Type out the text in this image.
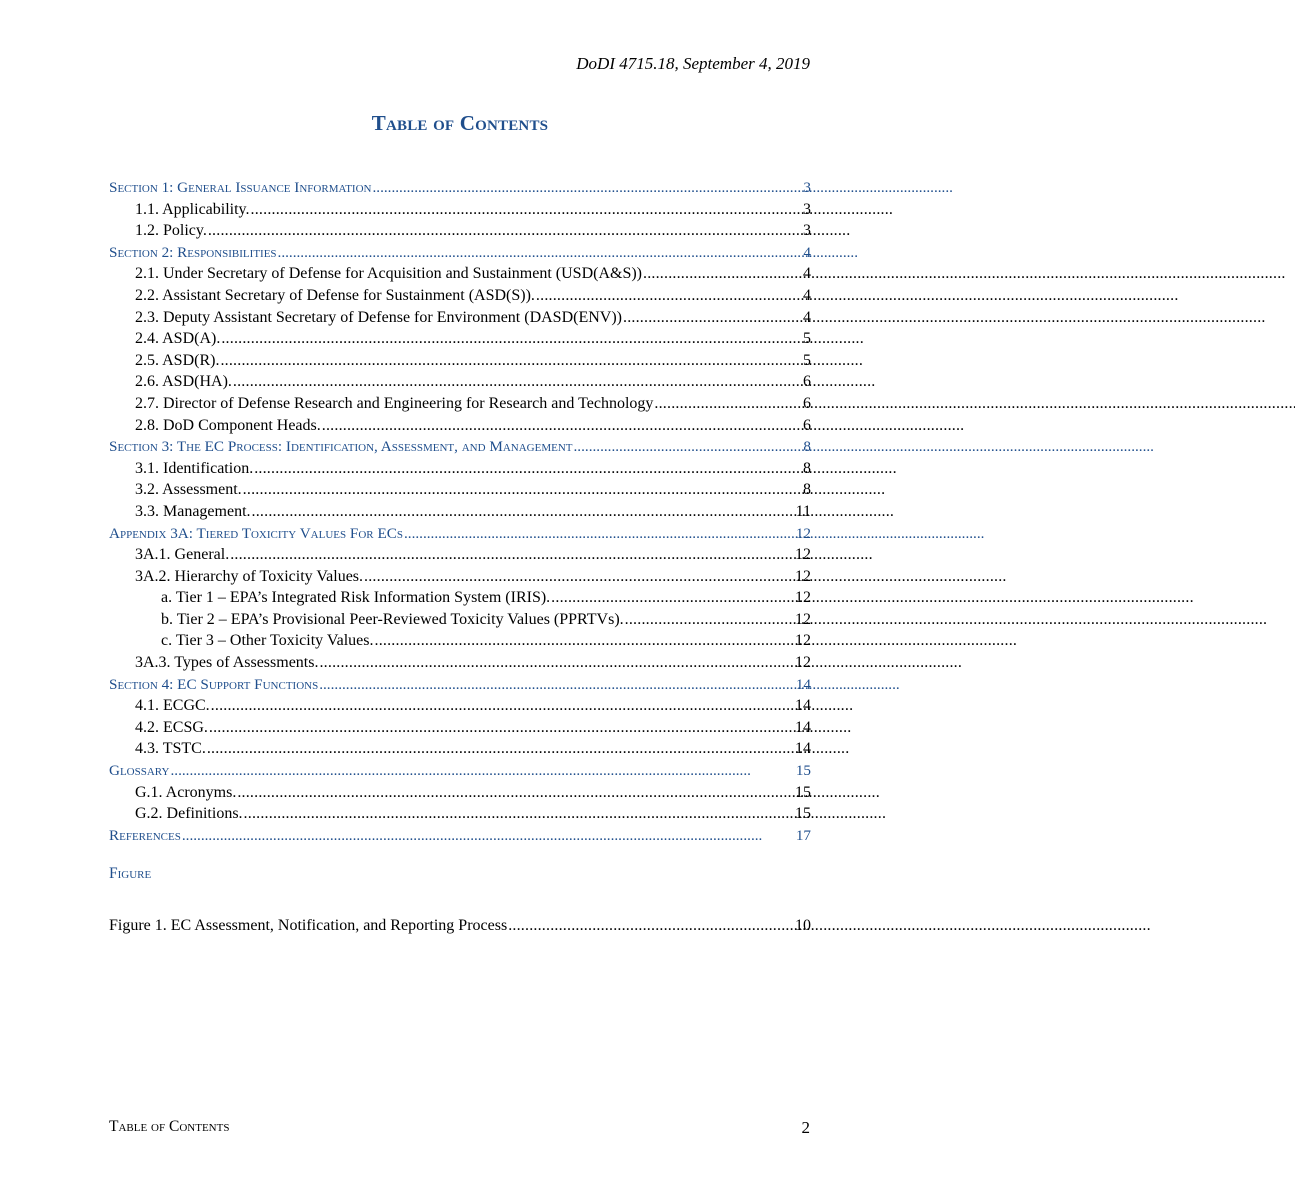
DoDI 4715.18, September 4, 2019
Table of Contents
Section 1: General Issuance Information . . .	3
1.1. Applicability. . . .	3
1.2. Policy. . . .	3
Section 2: Responsibilities . . .	4
2.1. Under Secretary of Defense for Acquisition and Sustainment (USD(A&S)) . . .	4
2.2. Assistant Secretary of Defense for Sustainment (ASD(S)). . . .	4
2.3. Deputy Assistant Secretary of Defense for Environment (DASD(ENV)) . . .	4
2.4. ASD(A). . . .	5
2.5. ASD(R). . . .	5
2.6. ASD(HA). . . .	6
2.7. Director of Defense Research and Engineering for Research and Technology . . .	6
2.8. DoD Component Heads. . . .	6
Section 3: The EC Process: Identification, Assessment, and Management . . .	8
3.1. Identification. . . .	8
3.2. Assessment. . . .	8
3.3. Management. . . .	11
Appendix 3A: Tiered Toxicity Values For ECs . . .	12
3A.1. General. . . .	12
3A.2. Hierarchy of Toxicity Values. . . .	12
a. Tier 1 – EPA’s Integrated Risk Information System (IRIS). . . .	12
b. Tier 2 – EPA’s Provisional Peer-Reviewed Toxicity Values (PPRTVs). . . .	12
c. Tier 3 – Other Toxicity Values. . . .	12
3A.3. Types of Assessments. . . .	12
Section 4: EC Support Functions . . .	14
4.1. ECGC. . . .	14
4.2. ECSG. . . .	14
4.3. TSTC. . . .	14
Glossary . . .	15
G.1. Acronyms. . . .	15
G.2. Definitions. . . .	15
References . . .	17
Figure
Figure 1. EC Assessment, Notification, and Reporting Process . . .	10
Table of Contents	2
